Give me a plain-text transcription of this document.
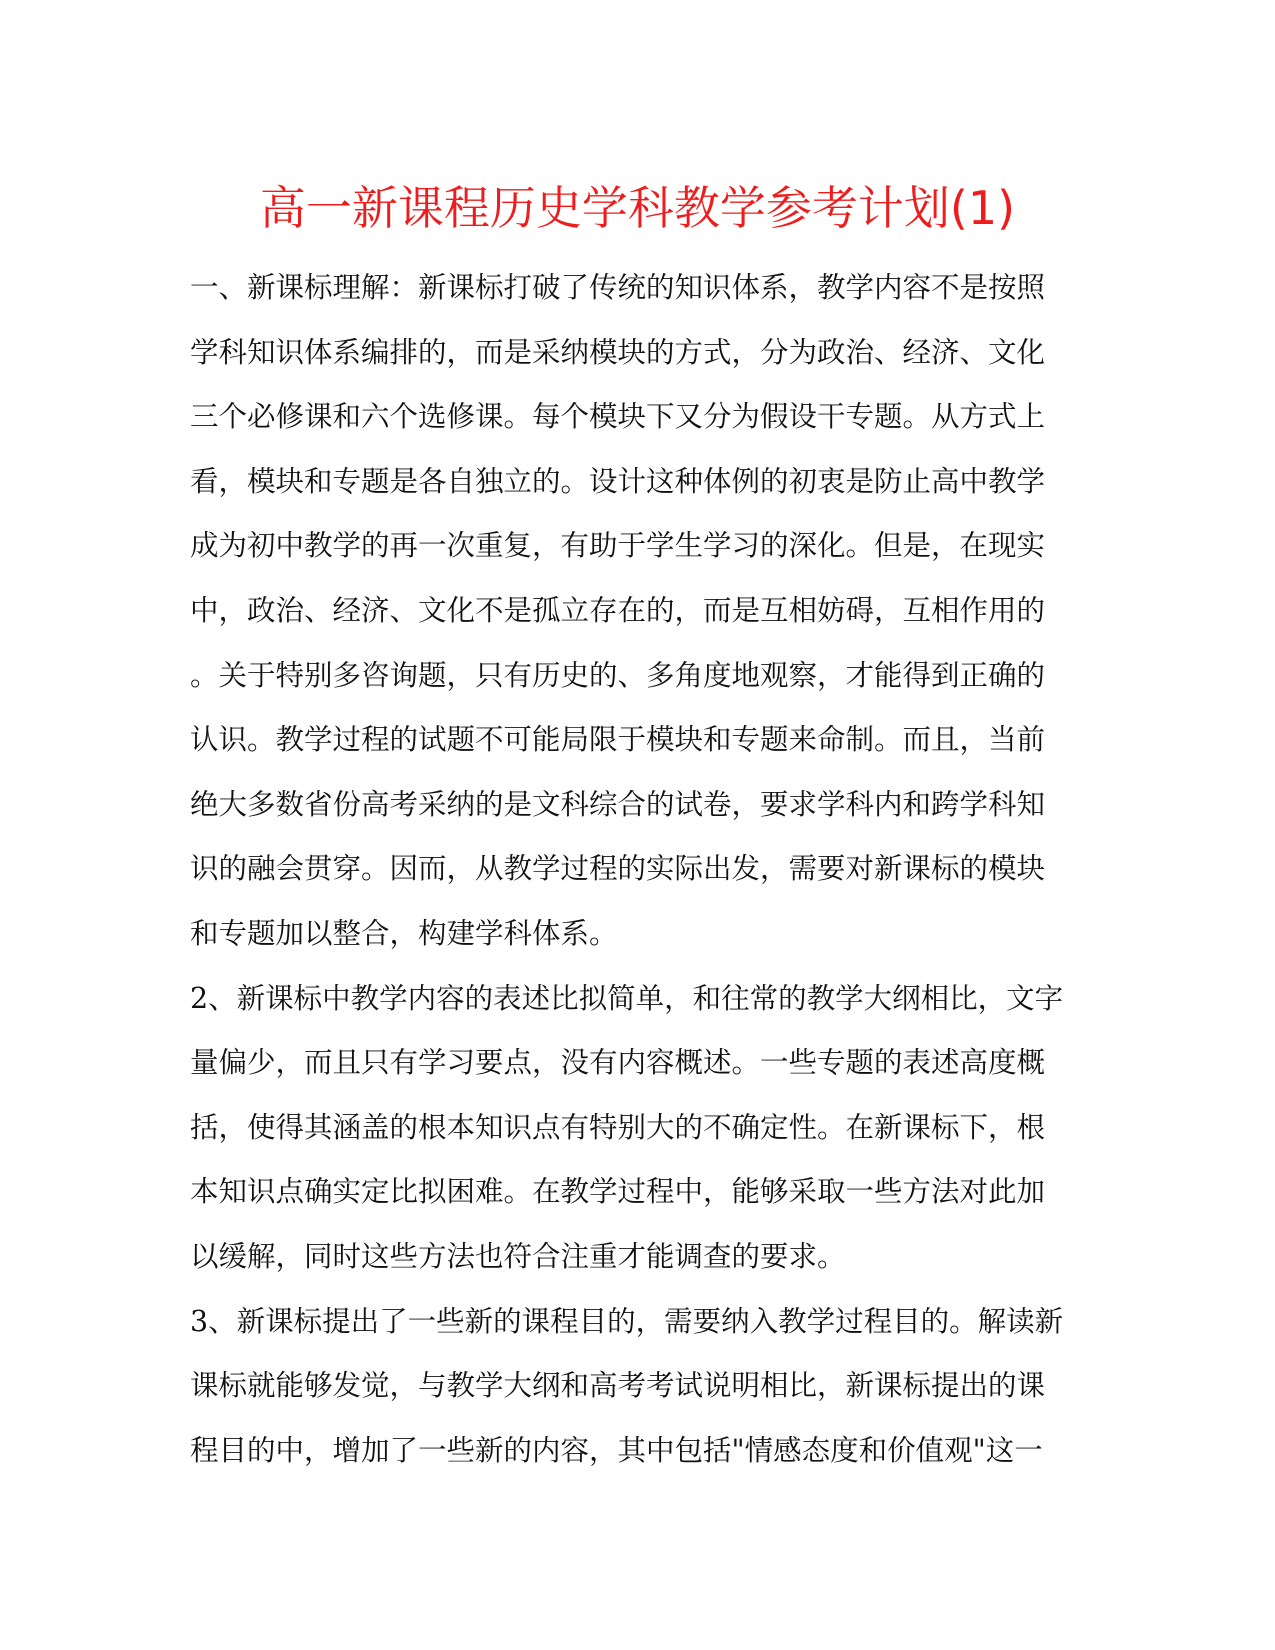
高一新课程历史学科教学参考计划(1)
一、新课标理解：新课标打破了传统的知识体系，教学内容不是按照
学科知识体系编排的，而是采纳模块的方式，分为政治、经济、文化
三个必修课和六个选修课。每个模块下又分为假设干专题。从方式上
看，模块和专题是各自独立的。设计这种体例的初衷是防止高中教学
成为初中教学的再一次重复，有助于学生学习的深化。但是，在现实
中，政治、经济、文化不是孤立存在的，而是互相妨碍，互相作用的
。关于特别多咨询题，只有历史的、多角度地观察，才能得到正确的
认识。教学过程的试题不可能局限于模块和专题来命制。而且，当前
绝大多数省份高考采纳的是文科综合的试卷，要求学科内和跨学科知
识的融会贯穿。因而，从教学过程的实际出发，需要对新课标的模块
和专题加以整合，构建学科体系。
2、新课标中教学内容的表述比拟简单，和往常的教学大纲相比，文字
量偏少，而且只有学习要点，没有内容概述。一些专题的表述高度概
括，使得其涵盖的根本知识点有特别大的不确定性。在新课标下，根
本知识点确实定比拟困难。在教学过程中，能够采取一些方法对此加
以缓解，同时这些方法也符合注重才能调查的要求。
3、新课标提出了一些新的课程目的，需要纳入教学过程目的。解读新
课标就能够发觉，与教学大纲和高考考试说明相比，新课标提出的课
程目的中，增加了一些新的内容，其中包括"情感态度和价值观"这一
